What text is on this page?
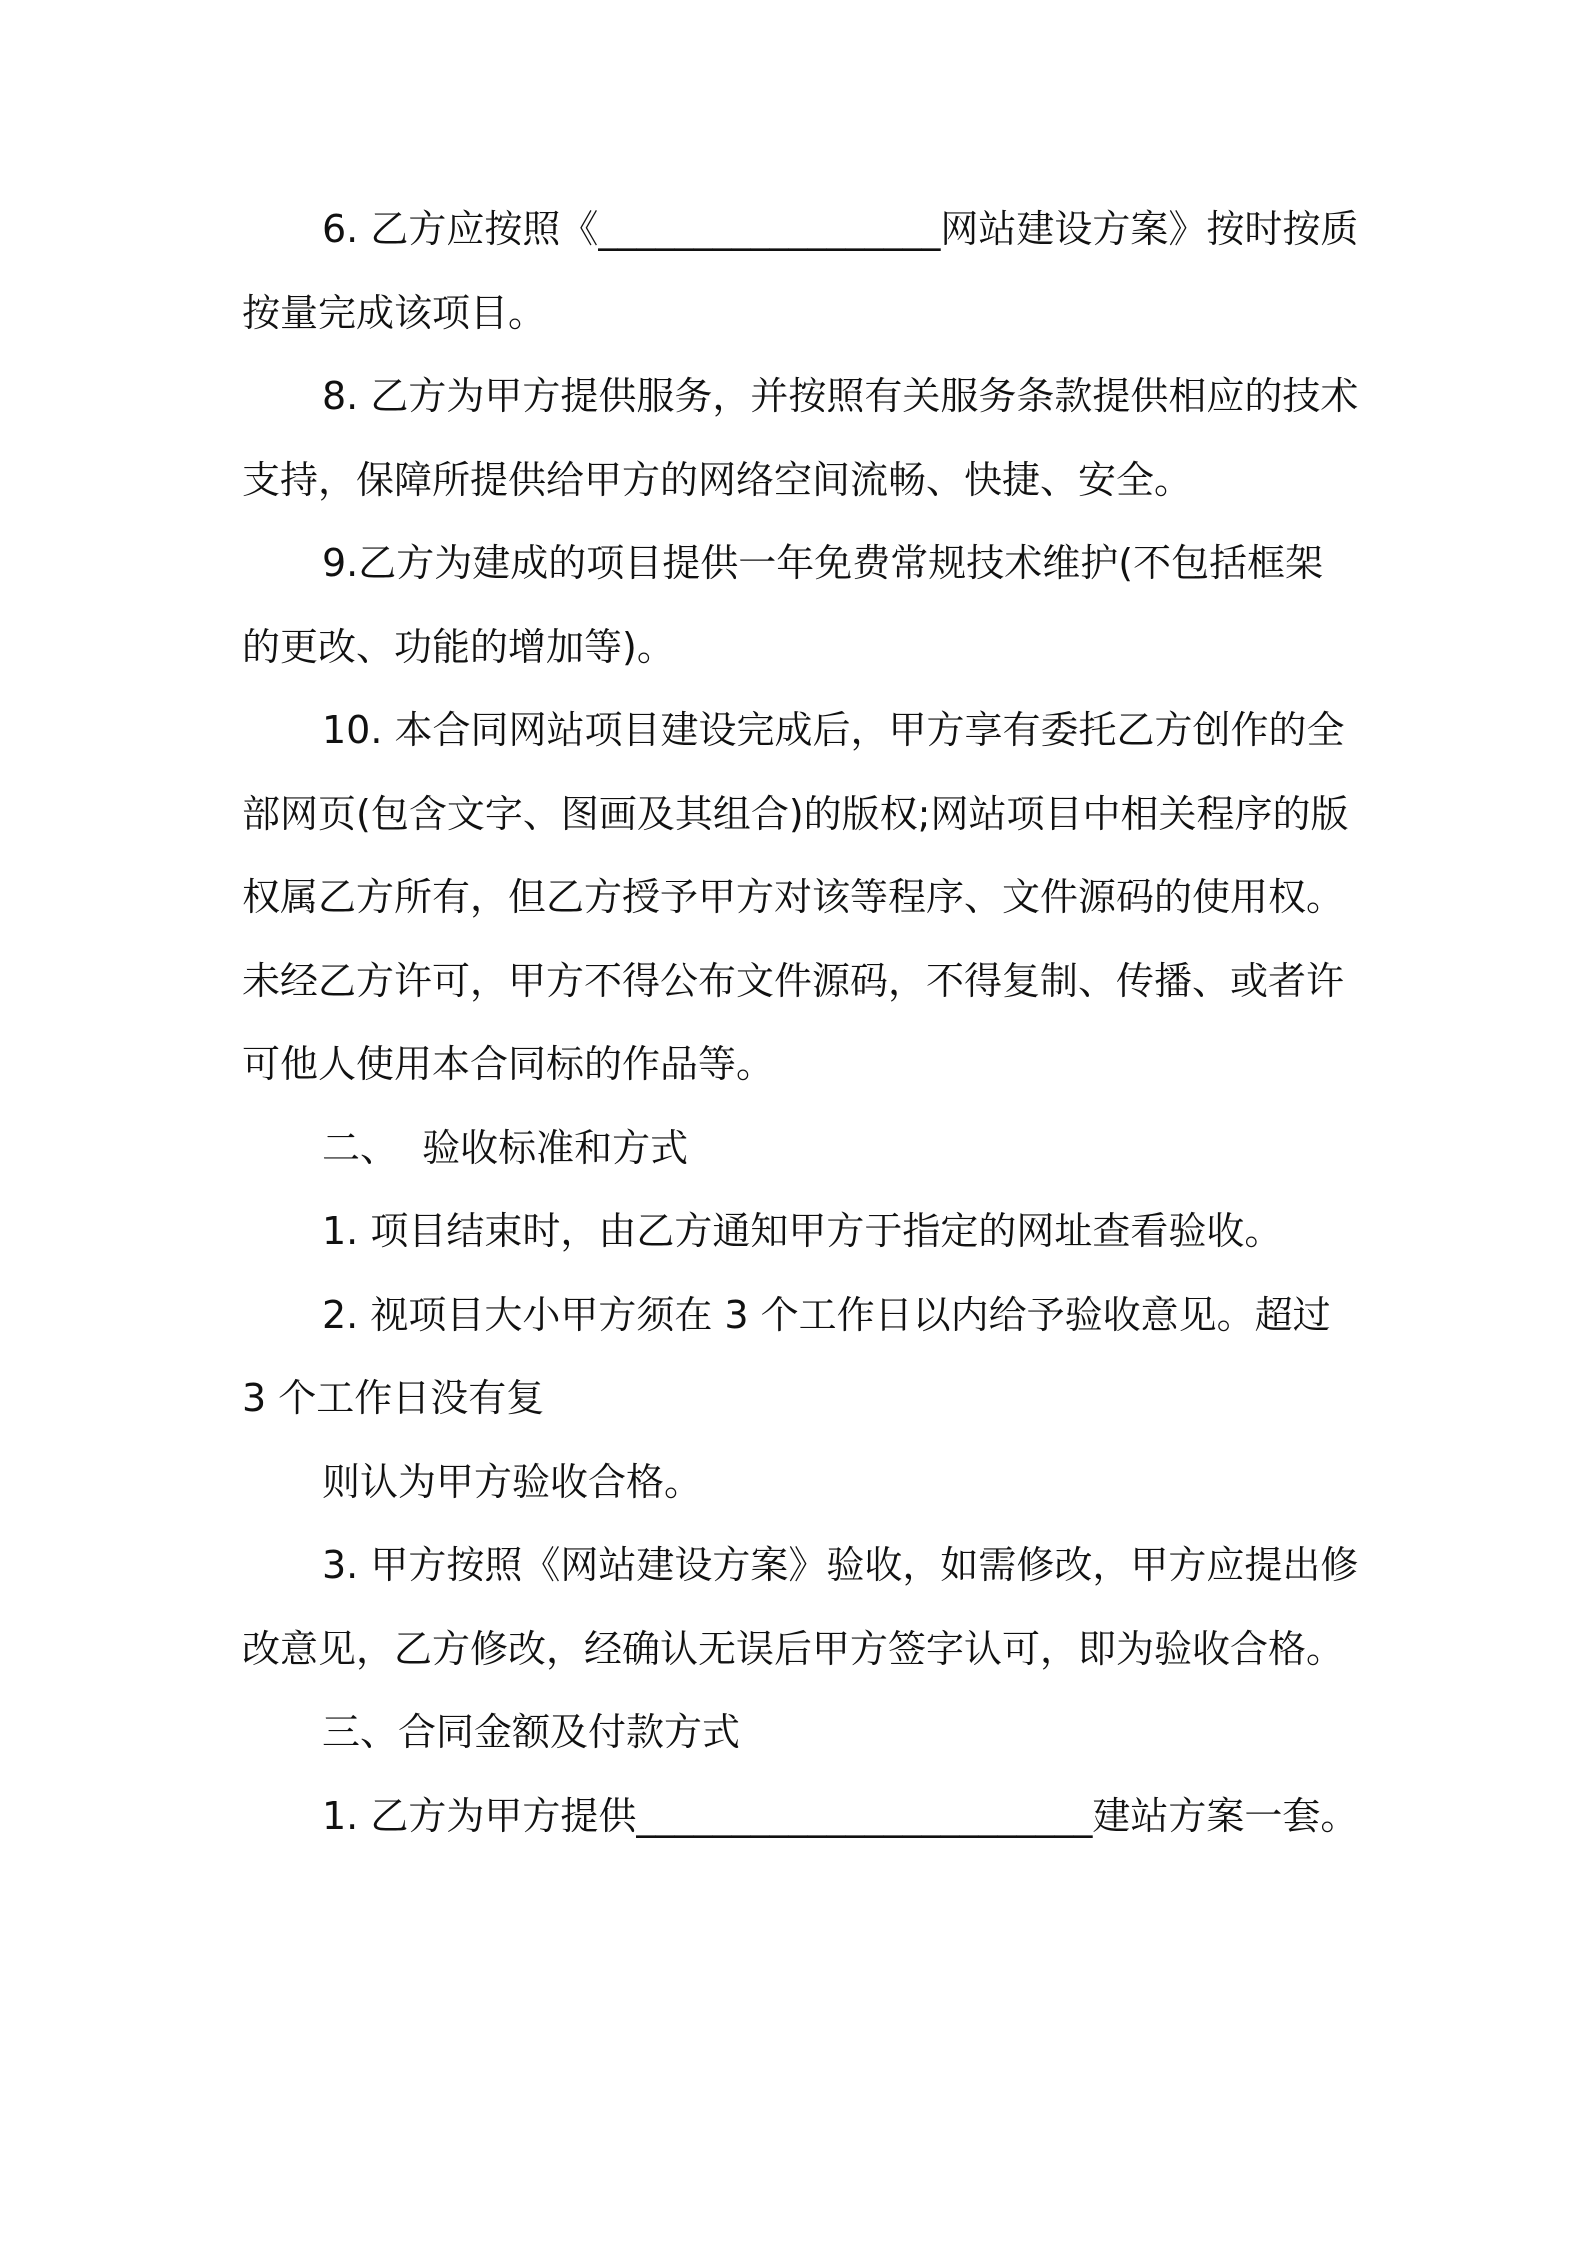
6. 乙方应按照《__________________网站建设方案》按时按质按量完成该项目。

8. 乙方为甲方提供服务，并按照有关服务条款提供相应的技术支持，保障所提供给甲方的网络空间流畅、快捷、安全。

9.乙方为建成的项目提供一年免费常规技术维护(不包括框架的更改、功能的增加等)。

10. 本合同网站项目建设完成后，甲方享有委托乙方创作的全部网页(包含文字、图画及其组合)的版权;网站项目中相关程序的版权属乙方所有，但乙方授予甲方对该等程序、文件源码的使用权。未经乙方许可，甲方不得公布文件源码，不得复制、传播、或者许可他人使用本合同标的作品等。

二、  验收标准和方式

1. 项目结束时，由乙方通知甲方于指定的网址查看验收。

2. 视项目大小甲方须在 3 个工作日以内给予验收意见。超过 3 个工作日没有复

则认为甲方验收合格。

3. 甲方按照《网站建设方案》验收，如需修改，甲方应提出修改意见，乙方修改，经确认无误后甲方签字认可，即为验收合格。

三、合同金额及付款方式

1. 乙方为甲方提供________________________建站方案一套。
